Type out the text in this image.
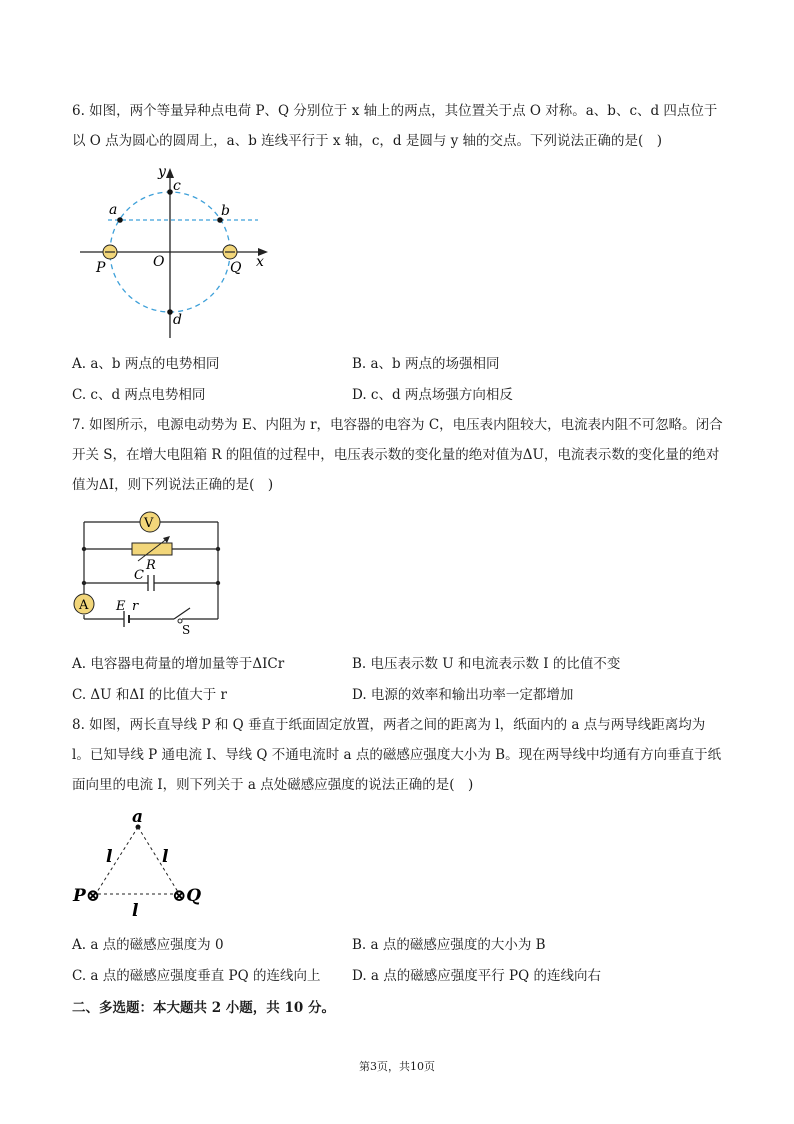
6. 如图，两个等量异种点电荷 P、Q 分别位于 x 轴上的两点，其位置关于点 O 对称。a、b、c、d 四点位于以 O 点为圆心的圆周上，a、b 连线平行于 x 轴，c，d 是圆与 y 轴的交点。下列说法正确的是(　)
y
c
a	b
P	O	Q x
d
A. a、b 两点的电势相同	B. a、b 两点的场强相同
C. c、d 两点电势相同	D. c、d 两点场强方向相反
7. 如图所示，电源电动势为 E、内阻为 r，电容器的电容为 C，电压表内阻较大，电流表内阻不可忽略。闭合开关 S，在增大电阻箱 R 的阻值的过程中，电压表示数的变化量的绝对值为ΔU，电流表示数的变化量的绝对值为ΔI，则下列说法正确的是(　)
V
R
C
A E r
S
A. 电容器电荷量的增加量等于ΔICr	B. 电压表示数 U 和电流表示数 I 的比值不变
C. ΔU 和ΔI 的比值大于 r	D. 电源的效率和输出功率一定都增加
8. 如图，两长直导线 P 和 Q 垂直于纸面固定放置，两者之间的距离为 l，纸面内的 a 点与两导线距离均为 l。已知导线 P 通电流 I、导线 Q 不通电流时 a 点的磁感应强度大小为 B。现在两导线中均通有方向垂直于纸面向里的电流 I，则下列关于 a 点处磁感应强度的说法正确的是(　)
a
l	l
P⊗	⊗Q
l
A. a 点的磁感应强度为 0	B. a 点的磁感应强度的大小为 B
C. a 点的磁感应强度垂直 PQ 的连线向上 D. a 点的磁感应强度平行 PQ 的连线向右
二、多选题：本大题共 2 小题，共 10 分。
第3页，共10页
